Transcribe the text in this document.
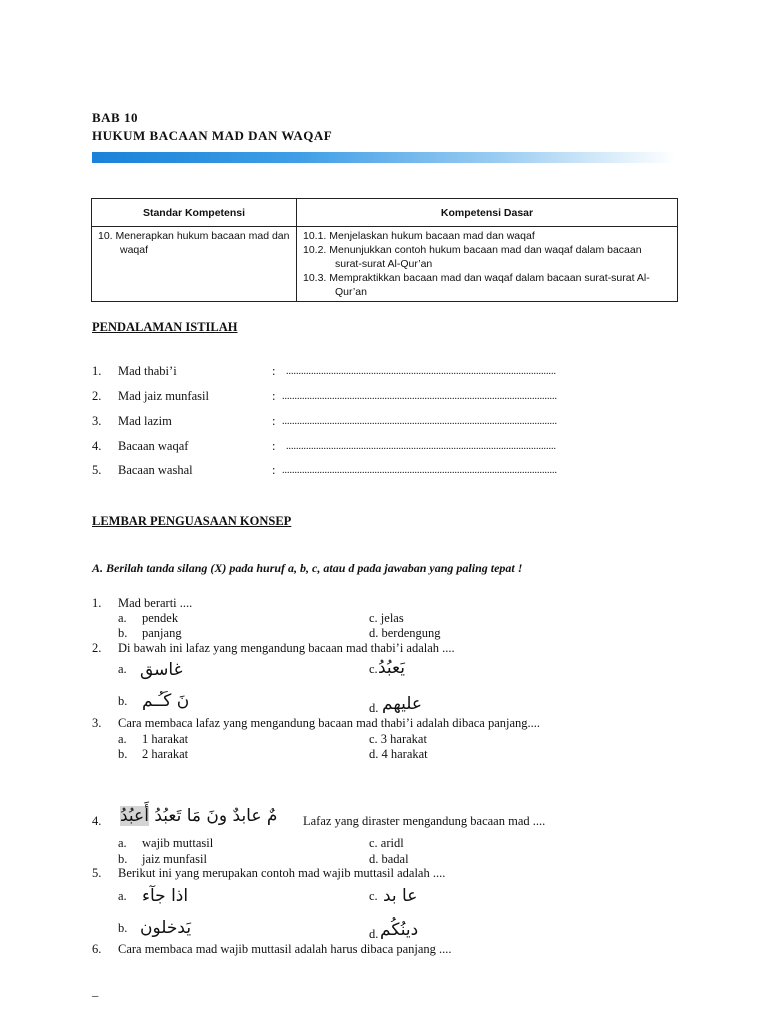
BAB 10
HUKUM BACAAN MAD DAN WAQAF
Standar Kompetensi	Kompetensi Dasar

10. Menerapkan hukum bacaan mad dan waqaf	10.1. Menjelaskan hukum bacaan mad dan waqaf
10.2. Menunjukkan contoh hukum bacaan mad dan waqaf dalam bacaan surat-surat Al-Qur’an
10.3. Mempraktikkan bacaan mad dan waqaf dalam bacaan surat-surat Al-Qur’an
PENDALAMAN ISTILAH
1. Mad thabi’i	: ............................................................................................................
2. Mad jaiz munfasil	: ..............................................................................................................
3. Mad lazim	: ..............................................................................................................
4. Bacaan waqaf	: ............................................................................................................
5. Bacaan washal	: ..............................................................................................................
LEMBAR PENGUASAAN KONSEP
A. Berilah tanda silang (X) pada huruf a, b, c, atau d pada jawaban yang paling tepat !
1. Mad berarti ....
a. pendek	c. jelas
b. panjang	d. berdengung
2. Di bawah ini lafaz yang mengandung bacaan mad thabi’i adalah ....
a. غاسق	c. يَعبُدُ
b. نَ كَـُـم	d. عليهم
3. Cara membaca lafaz yang mengandung bacaan mad thabi’i adalah dibaca panjang....
a. 1 harakat	c. 3 harakat
b. 2 harakat	d. 4 harakat
4.	مٌ عابدٌ ونَ مَا تَعبُدُ أَعبُدُ	Lafaz yang diraster mengandung bacaan mad ....
a. wajib muttasil	c. aridl
b. jaiz munfasil	d. badal
5. Berikut ini yang merupakan contoh mad wajib muttasil adalah ....
a. اذا جآء	c. عا بد
b. يَدخلون	d. دينُكُم
6. Cara membaca mad wajib muttasil adalah harus dibaca panjang ....
_
